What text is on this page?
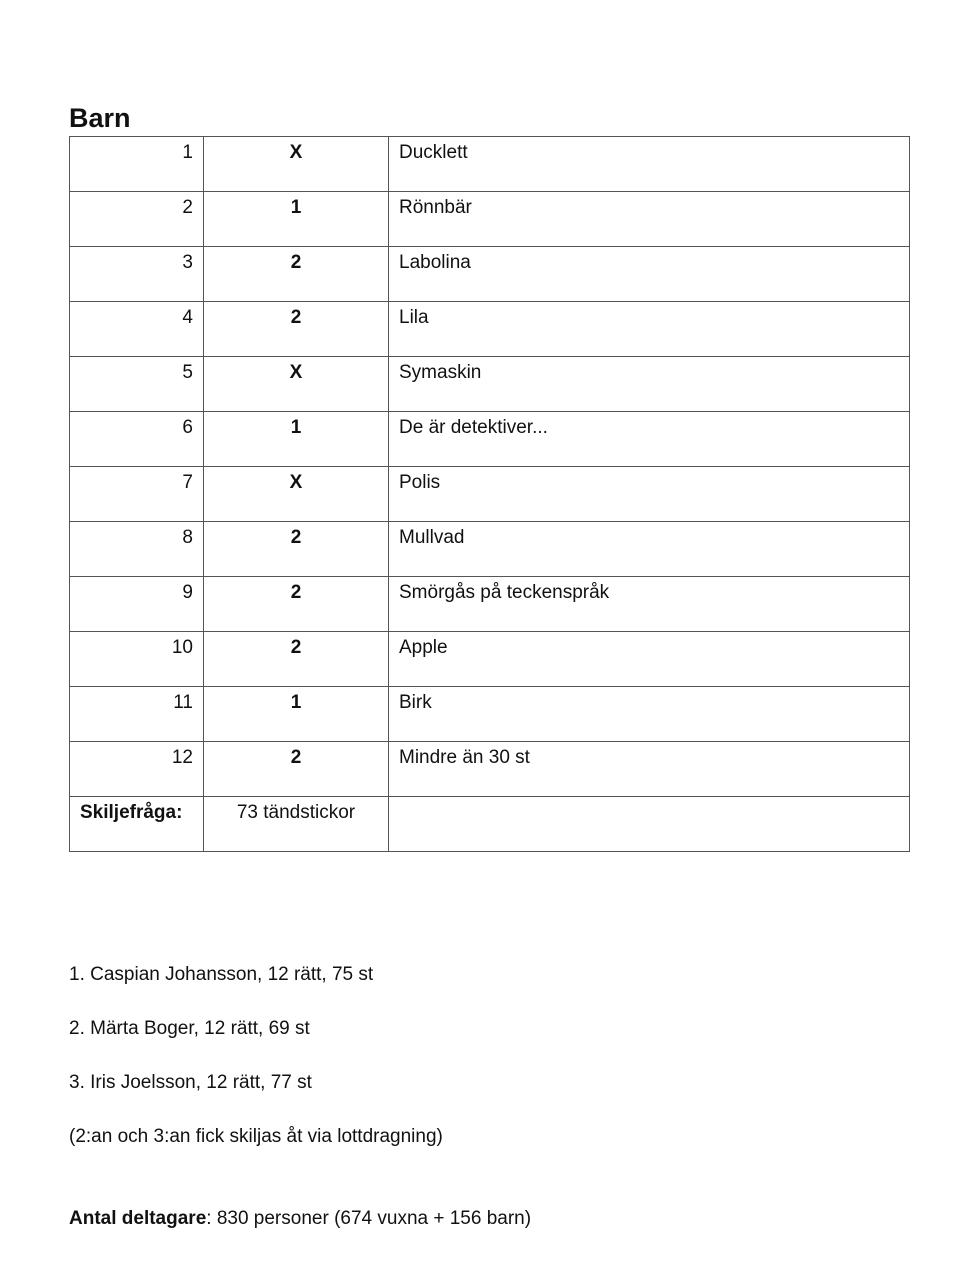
Barn
1	X	Ducklett
2	1	Rönnbär
3	2	Labolina
4	2	Lila
5	X	Symaskin
6	1	De är detektiver...
7	X	Polis
8	2	Mullvad
9	2	Smörgås på teckenspråk
10	2	Apple
11	1	Birk
12	2	Mindre än 30 st
Skiljefråga:	73 tändstickor	

1. Caspian Johansson, 12 rätt, 75 st

2. Märta Boger, 12 rätt, 69 st

3. Iris Joelsson, 12 rätt, 77 st

(2:an och 3:an fick skiljas åt via lottdragning)

Antal deltagare: 830 personer (674 vuxna + 156 barn)
